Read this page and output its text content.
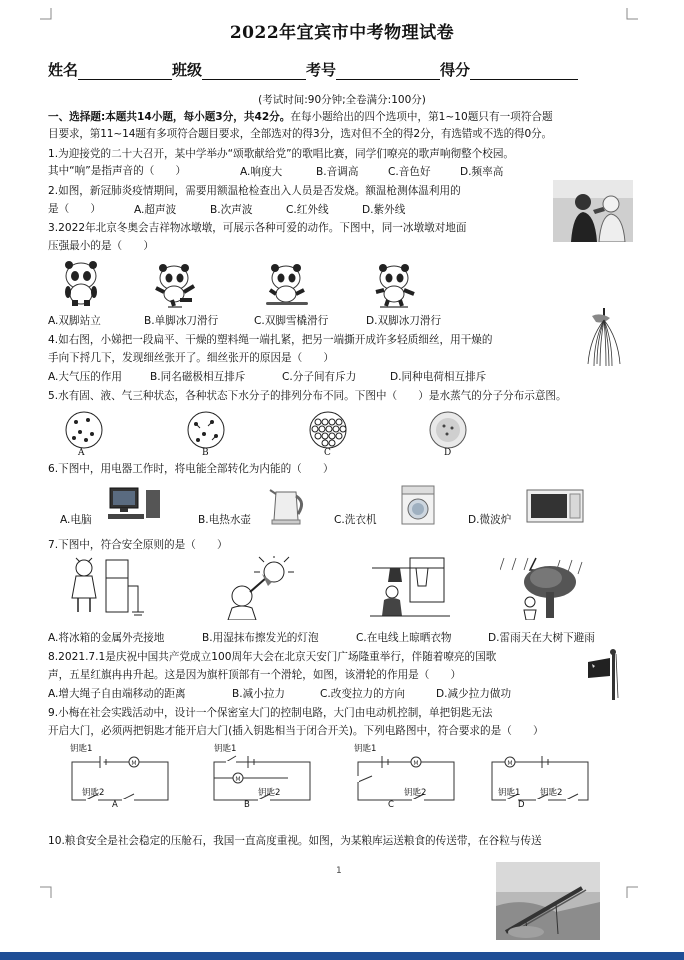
2022年宜宾市中考物理试卷
姓名	班级	考号	得分
(考试时间:90分钟;全卷满分:100分)
一、选择题:本题共14小题，每小题3分，共42分。在每小题给出的四个选项中，第1~10题只有一项符合题
目要求，第11~14题有多项符合题目要求，全部选对的得3分，选对但不全的得2分，有选错或不选的得0分。
1.为迎接党的二十大召开，某中学举办“颂歌献给党”的歌唱比赛，同学们嘹亮的歌声响彻整个校园。
其中“响”是指声音的（　　）	A.响度大	B.音调高	C.音色好	D.频率高
2.如图，新冠肺炎疫情期间，需要用额温枪检查出入人员是否发烧。额温枪测体温利用的
是（　　）	A.超声波	B.次声波	C.红外线	D.紫外线
3.2022年北京冬奥会吉祥物冰墩墩，可展示各种可爱的动作。下图中，同一冰墩墩对地面
压强最小的是（　　）
A.双脚站立	B.单脚冰刀滑行	C.双脚雪橇滑行	D.双脚冰刀滑行
4.如右图，小娣把一段扁平、干燥的塑料绳一端扎紧，把另一端撕开成许多轻质细丝，用干燥的
手向下捋几下，发现细丝张开了。细丝张开的原因是（　　）
A.大气压的作用	B.同名磁极相互排斥	C.分子间有斥力	D.同种电荷相互排斥
5.水有固、液、气三种状态，各种状态下水分子的排列分布不同。下图中（　　）是水蒸气的分子分布示意图。
A	B	C	D
6.下图中，用电器工作时，将电能全部转化为内能的（　　）
A.电脑	B.电热水壶	C.洗衣机	D.微波炉
7.下图中，符合安全原则的是（　　）
A.将冰箱的金属外壳接地	B.用湿抹布擦发光的灯泡	C.在电线上晾晒衣物	D.雷雨天在大树下避雨
8.2021.7.1是庆祝中国共产党成立100周年大会在北京天安门广场隆重举行，伴随着嘹亮的国歌
声，五星红旗冉冉升起。这是因为旗杆顶部有一个滑轮，如图，该滑轮的作用是（　　）
A.增大绳子自由端移动的距离	B.减小拉力	C.改变拉力的方向	D.减少拉力做功
9.小梅在社会实践活动中，设计一个保密室大门的控制电路，大门由电动机控制，单把钥匙无法
开启大门，必须两把钥匙才能开启大门(插入钥匙相当于闭合开关)。下列电路图中，符合要求的是（　　）
M
钥匙1
钥匙2
A
M
钥匙1
钥匙2
B
M
钥匙1
钥匙2
C
M
钥匙1 钥匙2
D
10.粮食安全是社会稳定的压舱石，我国一直高度重视。如图，为某粮库运送粮食的传送带，在谷粒与传送
1
